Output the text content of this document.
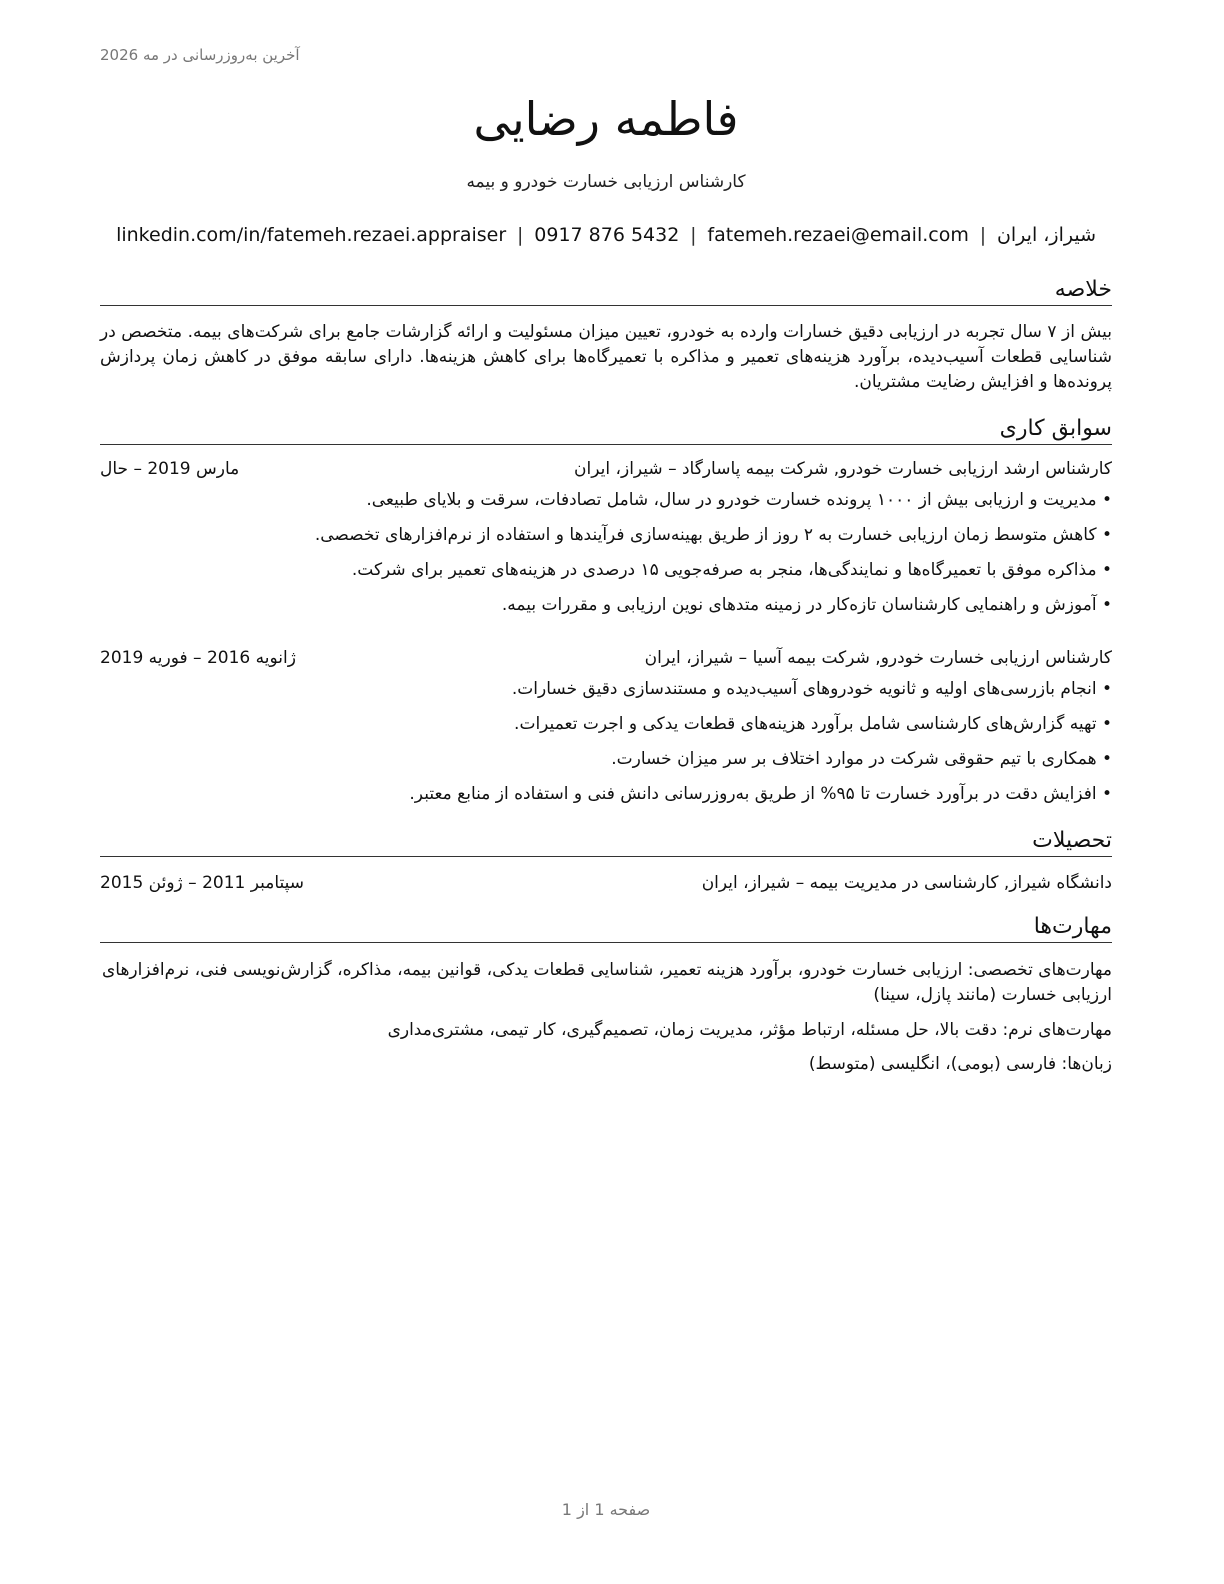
آخرین به‌روزرسانی در مه 2026
فاطمه رضایی
کارشناس ارزیابی خسارت خودرو و بیمه
شیراز، ایران
|
fatemeh.rezaei@email.com
|
0917 876 5432
|
linkedin.com/in/fatemeh.rezaei.appraiser
خلاصه
بیش از ۷ سال تجربه در ارزیابی دقیق خسارات وارده به خودرو، تعیین میزان مسئولیت و ارائه گزارشات جامع برای شرکت‌های بیمه. متخصص در شناسایی قطعات آسیب‌دیده، برآورد هزینه‌های تعمیر و مذاکره با تعمیرگاه‌ها برای کاهش هزینه‌ها. دارای سابقه موفق در کاهش زمان پردازش پرونده‌ها و افزایش رضایت مشتریان.
سوابق کاری
کارشناس ارشد ارزیابی خسارت خودرو, شرکت بیمه پاسارگاد – شیراز، ایران
مارس 2019 – حال
• مدیریت و ارزیابی بیش از ۱۰۰۰ پرونده خسارت خودرو در سال، شامل تصادفات، سرقت و بلایای طبیعی.
• کاهش متوسط زمان ارزیابی خسارت به ۲ روز از طریق بهینه‌سازی فرآیندها و استفاده از نرم‌افزارهای تخصصی.
• مذاکره موفق با تعمیرگاه‌ها و نمایندگی‌ها، منجر به صرفه‌جویی ۱۵ درصدی در هزینه‌های تعمیر برای شرکت.
• آموزش و راهنمایی کارشناسان تازه‌کار در زمینه متدهای نوین ارزیابی و مقررات بیمه.
کارشناس ارزیابی خسارت خودرو, شرکت بیمه آسیا – شیراز، ایران
ژانویه 2016 – فوریه 2019
• انجام بازرسی‌های اولیه و ثانویه خودروهای آسیب‌دیده و مستندسازی دقیق خسارات.
• تهیه گزارش‌های کارشناسی شامل برآورد هزینه‌های قطعات یدکی و اجرت تعمیرات.
• همکاری با تیم حقوقی شرکت در موارد اختلاف بر سر میزان خسارت.
• افزایش دقت در برآورد خسارت تا ۹۵% از طریق به‌روزرسانی دانش فنی و استفاده از منابع معتبر.
تحصیلات
دانشگاه شیراز, کارشناسی در مدیریت بیمه – شیراز، ایران
سپتامبر 2011 – ژوئن 2015
مهارت‌ها
مهارت‌های تخصصی: ارزیابی خسارت خودرو، برآورد هزینه تعمیر، شناسایی قطعات یدکی، قوانین بیمه، مذاکره، گزارش‌نویسی فنی، نرم‌افزارهای ارزیابی خسارت (مانند پازل، سینا)
مهارت‌های نرم: دقت بالا، حل مسئله، ارتباط مؤثر، مدیریت زمان، تصمیم‌گیری، کار تیمی، مشتری‌مداری
زبان‌ها: فارسی (بومی)، انگلیسی (متوسط)
صفحه 1 از 1
